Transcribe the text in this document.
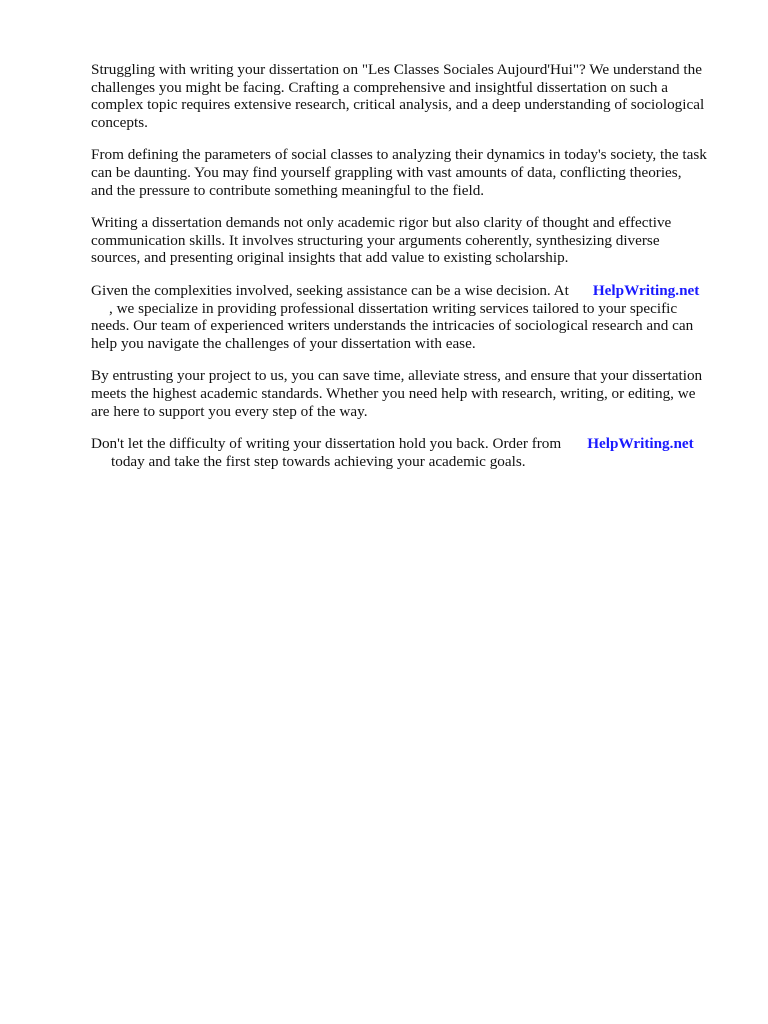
Struggling with writing your dissertation on "Les Classes Sociales Aujourd'Hui"? We understand the
challenges you might be facing. Crafting a comprehensive and insightful dissertation on such a
complex topic requires extensive research, critical analysis, and a deep understanding of sociological
concepts.

From defining the parameters of social classes to analyzing their dynamics in today's society, the task
can be daunting. You may find yourself grappling with vast amounts of data, conflicting theories,
and the pressure to contribute something meaningful to the field.

Writing a dissertation demands not only academic rigor but also clarity of thought and effective
communication skills. It involves structuring your arguments coherently, synthesizing diverse
sources, and presenting original insights that add value to existing scholarship.

Given the complexities involved, seeking assistance can be a wise decision. At HelpWriting.net
, we specialize in providing professional dissertation writing services tailored to your specific
needs. Our team of experienced writers understands the intricacies of sociological research and can
help you navigate the challenges of your dissertation with ease.

By entrusting your project to us, you can save time, alleviate stress, and ensure that your dissertation
meets the highest academic standards. Whether you need help with research, writing, or editing, we
are here to support you every step of the way.

Don't let the difficulty of writing your dissertation hold you back. Order from HelpWriting.net
today and take the first step towards achieving your academic goals.
